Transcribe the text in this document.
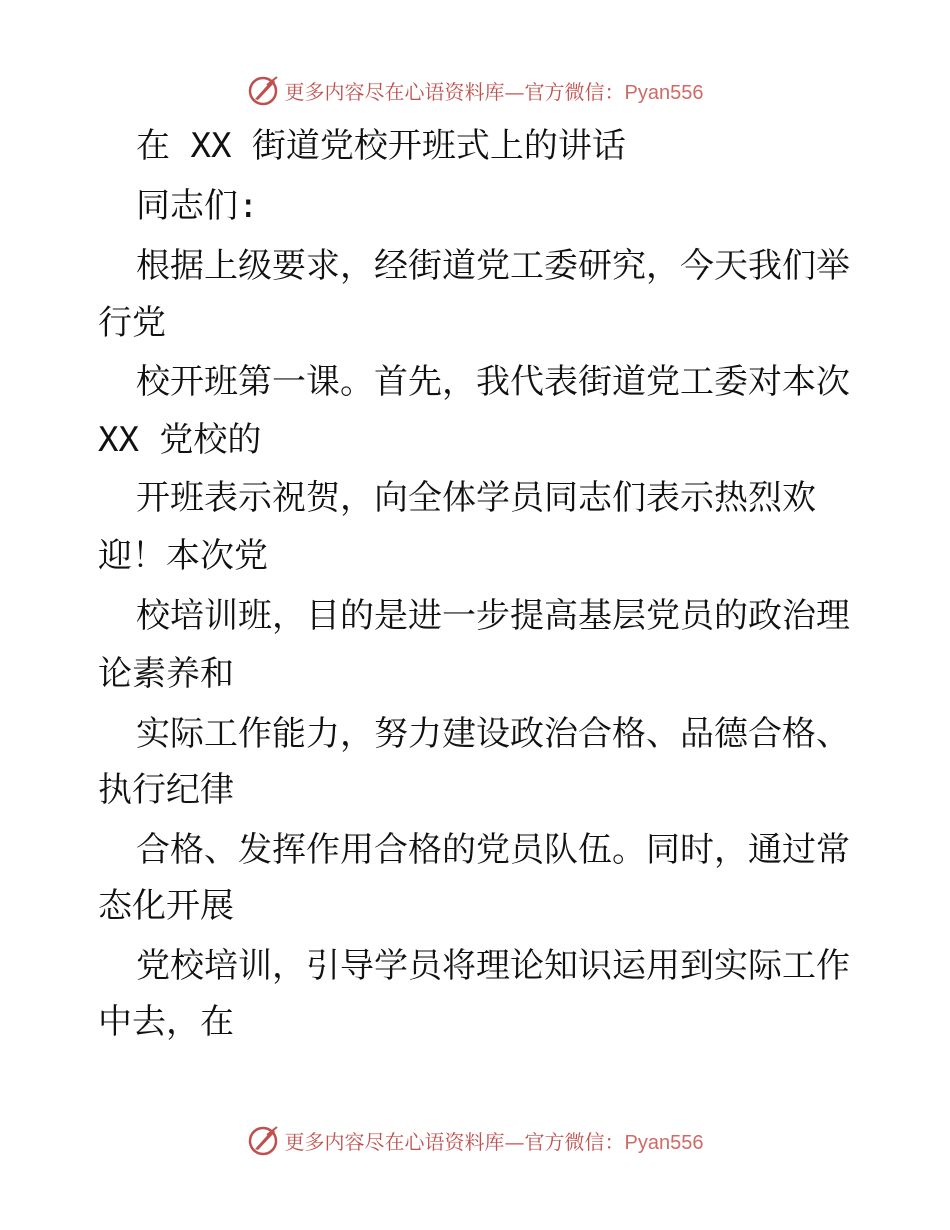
更多内容尽在心语资料库—官方微信：Pyan556
在 XX 街道党校开班式上的讲话
同志们:
根据上级要求，经街道党工委研究，今天我们举
行党
校开班第一课。首先，我代表街道党工委对本次
XX 党校的
开班表示祝贺，向全体学员同志们表示热烈欢
迎！本次党
校培训班，目的是进一步提高基层党员的政治理
论素养和
实际工作能力，努力建设政治合格、品德合格、
执行纪律
合格、发挥作用合格的党员队伍。同时，通过常
态化开展
党校培训，引导学员将理论知识运用到实际工作
中去，在
更多内容尽在心语资料库—官方微信：Pyan556
